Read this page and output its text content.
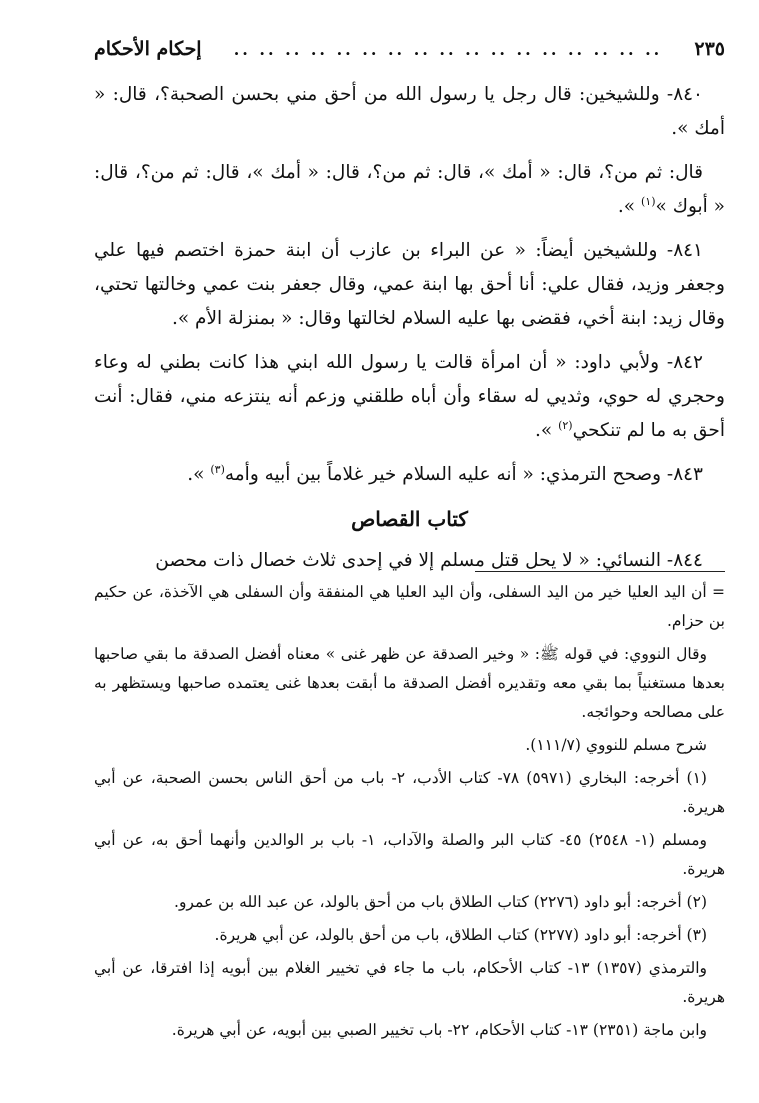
٢٣٥
.. .. .. .. .. .. .. .. .. .. .. .. .. .. .. .. ..
إحكام الأحكام

٨٤٠- وللشيخين: قال رجل يا رسول الله من أحق مني بحسن الصحبة؟، قال: « أمك ».

قال: ثم من؟، قال: « أمك »، قال: ثم من؟، قال: « أمك »، قال: ثم من؟، قال: « أبوك »$^{(١)}$ ».

٨٤١- وللشيخين أيضاً: « عن البراء بن عازب أن ابنة حمزة اختصم فيها علي وجعفر وزيد، فقال علي: أنا أحق بها ابنة عمي، وقال جعفر بنت عمي وخالتها تحتي، وقال زيد: ابنة أخي، فقضى بها عليه السلام لخالتها وقال: « بمنزلة الأم ».

٨٤٢- ولأبي داود: « أن امرأة قالت يا رسول الله ابني هذا كانت بطني له وعاء وحجري له حوي، وثديي له سقاء وأن أباه طلقني وزعم أنه ينتزعه مني، فقال: أنت أحق به ما لم تنكحي$^{(٢)}$ ».

٨٤٣- وصحح الترمذي: « أنه عليه السلام خير غلاماً بين أبيه وأمه$^{(٣)}$ ».

كتاب القصاص

٨٤٤- النسائي: « لا يحل قتل مسلم إلا في إحدى ثلاث خصال ذات محصن

= أن اليد العليا خير من اليد السفلى، وأن اليد العليا هي المنفقة وأن السفلى هي الآخذة، عن حكيم بن حزام.

وقال النووي: في قوله ﷺ: « وخير الصدقة عن ظهر غنى » معناه أفضل الصدقة ما بقي صاحبها بعدها مستغنياً بما بقي معه وتقديره أفضل الصدقة ما أبقت بعدها غنى يعتمده صاحبها ويستظهر به على مصالحه وحوائجه.

شرح مسلم للنووي (١١١/٧).

(١) أخرجه: البخاري (٥٩٧١) ٧٨- كتاب الأدب، ٢- باب من أحق الناس بحسن الصحبة، عن أبي هريرة.

ومسلم (١- ٢٥٤٨) ٤٥- كتاب البر والصلة والآداب، ١- باب بر الوالدين وأنهما أحق به، عن أبي هريرة.

(٢) أخرجه: أبو داود (٢٢٧٦) كتاب الطلاق باب من أحق بالولد، عن عبد الله بن عمرو.

(٣) أخرجه: أبو داود (٢٢٧٧) كتاب الطلاق، باب من أحق بالولد، عن أبي هريرة.

والترمذي (١٣٥٧) ١٣- كتاب الأحكام، باب ما جاء في تخيير الغلام بين أبويه إذا افترقا، عن أبي هريرة.

وابن ماجة (٢٣٥١) ١٣- كتاب الأحكام، ٢٢- باب تخيير الصبي بين أبويه، عن أبي هريرة.
